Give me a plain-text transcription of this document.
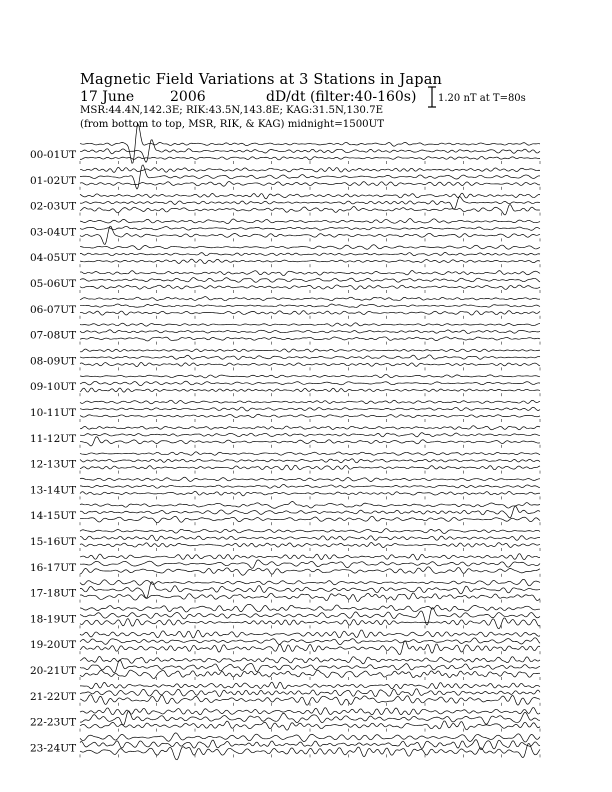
Magnetic Field Variations at 3 Stations in Japan
17 June	2006	dD/dt (filter:40-160s)
MSR:44.4N,142.3E; RIK:43.5N,143.8E; KAG:31.5N,130.7E
(from bottom to top, MSR, RIK, & KAG) midnight=1500UT
1.20 nT at T=80s
00-01UT
01-02UT
02-03UT
03-04UT
04-05UT
05-06UT
06-07UT
07-08UT
08-09UT
09-10UT
10-11UT
11-12UT
12-13UT
13-14UT
14-15UT
15-16UT
16-17UT
17-18UT
18-19UT
19-20UT
20-21UT
21-22UT
22-23UT
23-24UT
